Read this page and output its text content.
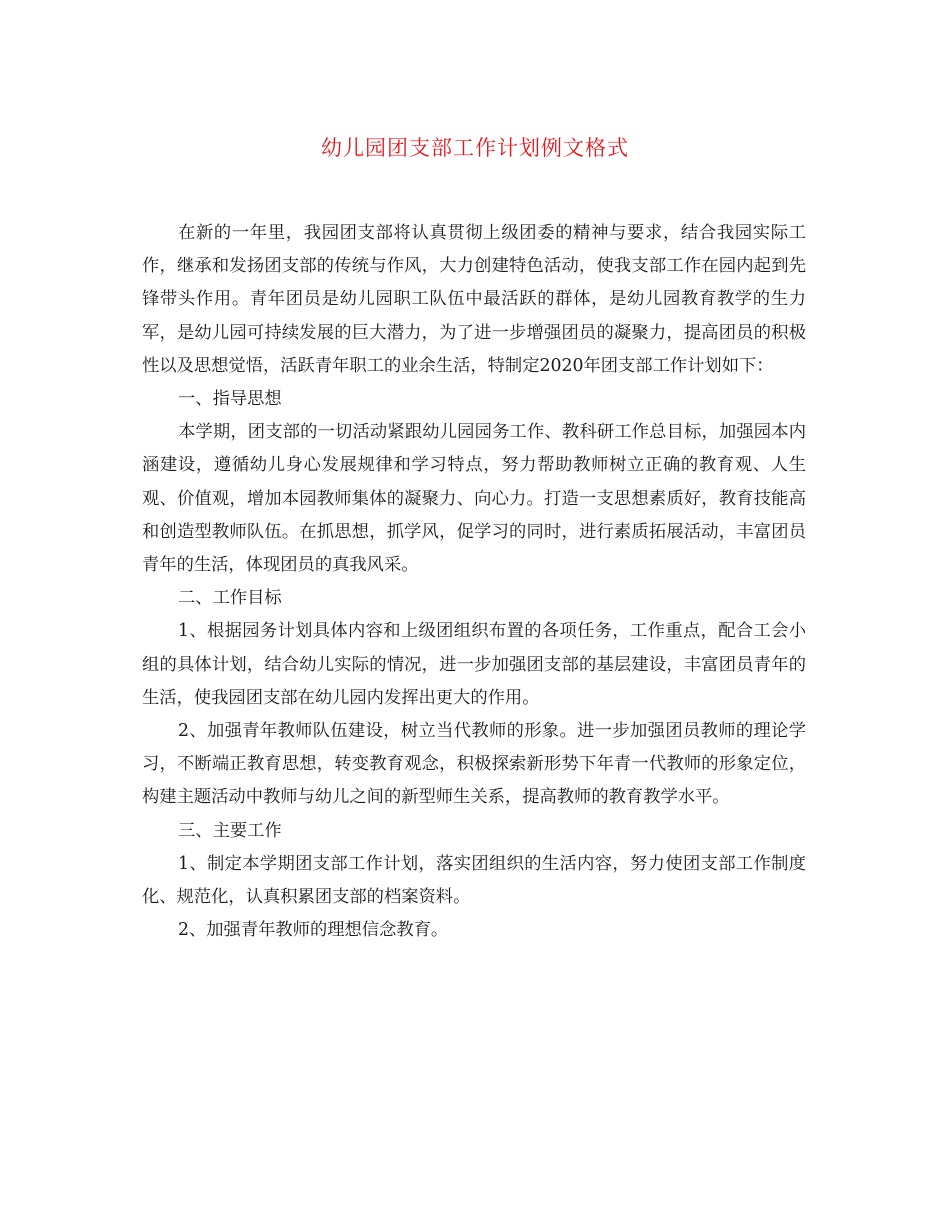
幼儿园团支部工作计划例文格式

在新的一年里，我园团支部将认真贯彻上级团委的精神与要求，结合我园实际工作，继承和发扬团支部的传统与作风，大力创建特色活动，使我支部工作在园内起到先锋带头作用。青年团员是幼儿园职工队伍中最活跃的群体，是幼儿园教育教学的生力军，是幼儿园可持续发展的巨大潜力，为了进一步增强团员的凝聚力，提高团员的积极性以及思想觉悟，活跃青年职工的业余生活，特制定2020年团支部工作计划如下：

一、指导思想

本学期，团支部的一切活动紧跟幼儿园园务工作、教科研工作总目标，加强园本内涵建设，遵循幼儿身心发展规律和学习特点，努力帮助教师树立正确的教育观、人生观、价值观，增加本园教师集体的凝聚力、向心力。打造一支思想素质好，教育技能高和创造型教师队伍。在抓思想，抓学风，促学习的同时，进行素质拓展活动，丰富团员青年的生活，体现团员的真我风采。

二、工作目标

1、根据园务计划具体内容和上级团组织布置的各项任务，工作重点，配合工会小组的具体计划，结合幼儿实际的情况，进一步加强团支部的基层建设，丰富团员青年的生活，使我园团支部在幼儿园内发挥出更大的作用。

2、加强青年教师队伍建设，树立当代教师的形象。进一步加强团员教师的理论学习，不断端正教育思想，转变教育观念，积极探索新形势下年青一代教师的形象定位，构建主题活动中教师与幼儿之间的新型师生关系，提高教师的教育教学水平。

三、主要工作

1、制定本学期团支部工作计划，落实团组织的生活内容，努力使团支部工作制度化、规范化，认真积累团支部的档案资料。

2、加强青年教师的理想信念教育。
